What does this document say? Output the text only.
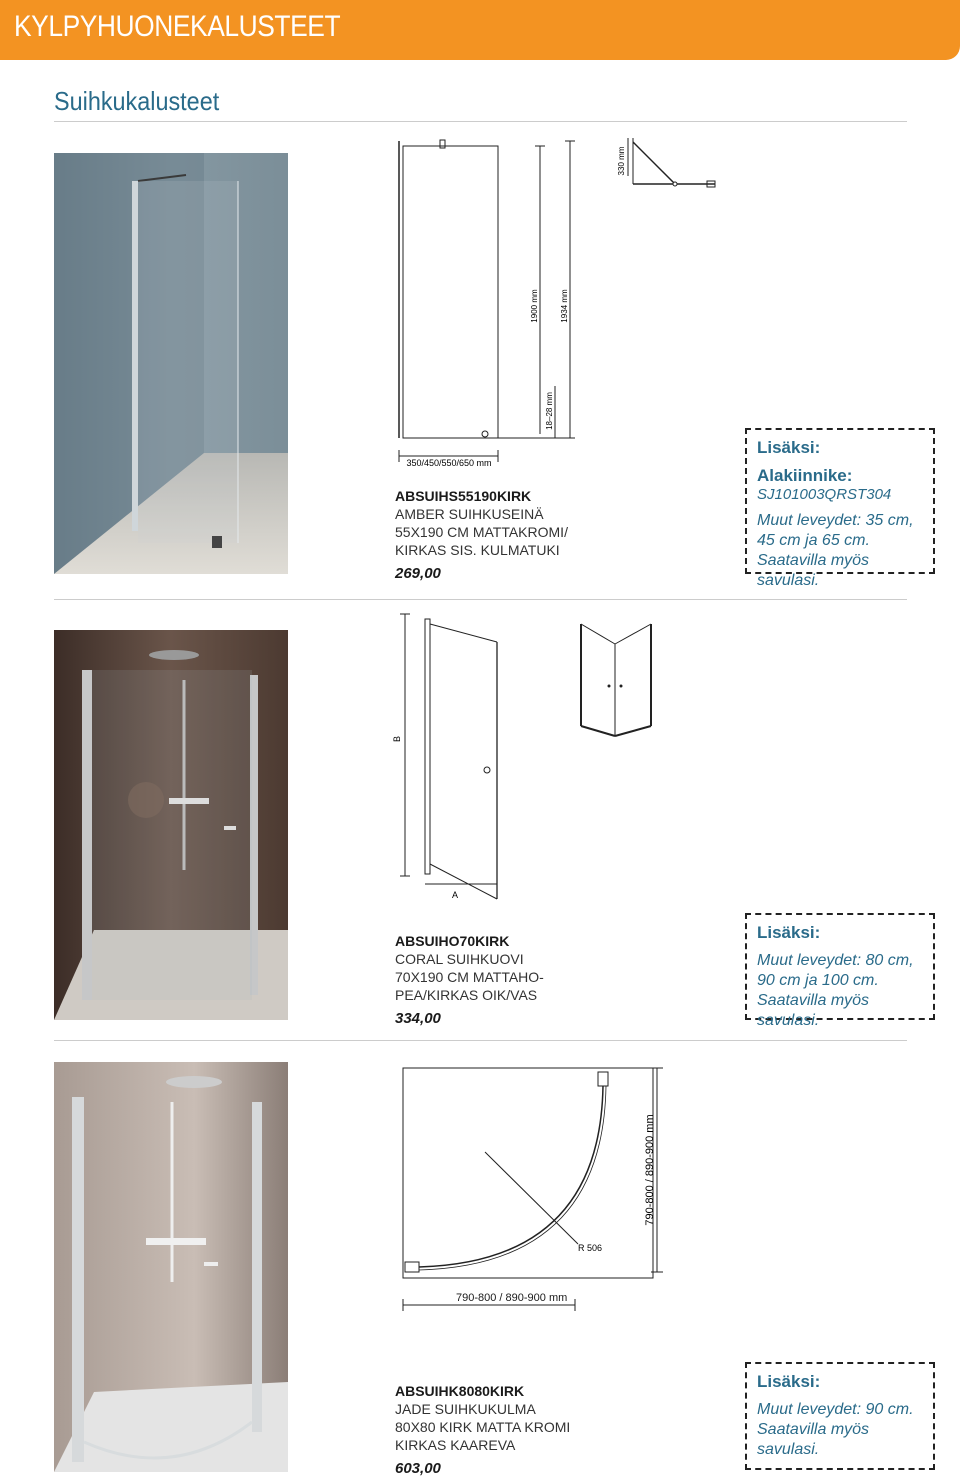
KYLPYHUONEKALUSTEET
Suihkukalusteet
1900 mm	1934 mm
18–28 mm
350/450/550/650 mm
330 mm
ABSUIHS55190KIRK
AMBER SUIHKUSEINÄ
55X190 CM MATTAKROMI/
KIRKAS SIS. KULMATUKI
269,00
Lisäksi:
Alakiinnike:
SJ101003QRST304
Muut leveydet: 35 cm,
45 cm ja 65 cm.
Saatavilla myös savulasi.
B
A
ABSUIHO70KIRK
CORAL SUIHKUOVI
70X190 CM MATTAHO-
PEA/KIRKAS OIK/VAS
334,00
Lisäksi:
Muut leveydet: 80 cm,
90 cm ja 100 cm.
Saatavilla myös savulasi.
R 506
790-800 / 890-900 mm
790-800 / 890-900 mm
ABSUIHK8080KIRK
JADE SUIHKUKULMA
80X80 KIRK MATTA KROMI
KIRKAS KAAREVA
603,00
Lisäksi:
Muut leveydet: 90 cm.
Saatavilla myös savulasi.
